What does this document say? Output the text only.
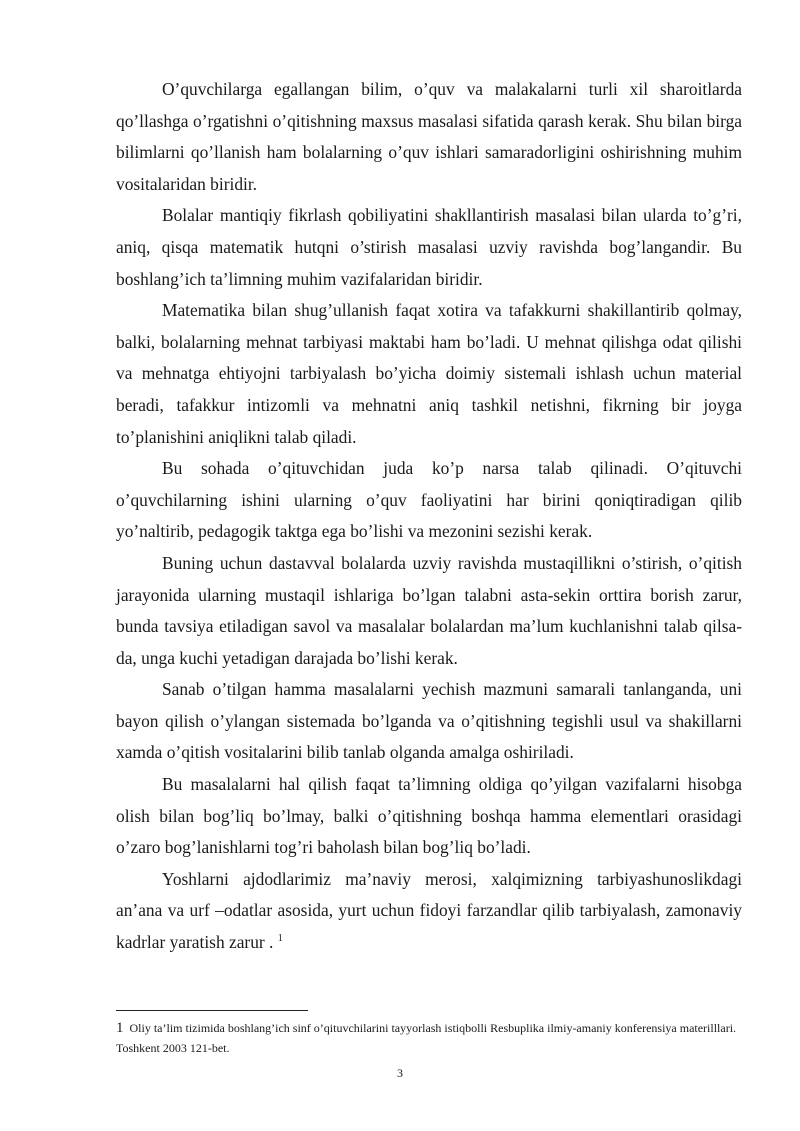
O’quvchilarga egallangan bilim, o’quv va malakalarni turli xil sharoitlarda qo’llashga o’rgatishni o’qitishning maxsus masalasi sifatida qarash kerak. Shu bilan birga bilimlarni qo’llanish ham bolalarning o’quv ishlari samaradorligini oshirishning muhim vositalaridan biridir.

Bolalar mantiqiy fikrlash qobiliyatini shakllantirish masalasi bilan ularda to’g’ri, aniq, qisqa matematik hutqni o’stirish masalasi uzviy ravishda bog’langandir. Bu boshlang’ich ta’limning muhim vazifalaridan biridir.

Matematika bilan shug’ullanish faqat xotira va tafakkurni shakillantirib qolmay, balki, bolalarning mehnat tarbiyasi maktabi ham bo’ladi. U mehnat qilishga odat qilishi va mehnatga ehtiyojni tarbiyalash bo’yicha doimiy sistemali ishlash uchun material beradi, tafakkur intizomli va mehnatni aniq tashkil netishni, fikrning bir joyga to’planishini aniqlikni talab qiladi.

Bu sohada o’qituvchidan juda ko’p narsa talab qilinadi. O’qituvchi o’quvchilarning ishini ularning o’quv faoliyatini har birini qoniqtiradigan qilib yo’naltirib, pedagogik taktga ega bo’lishi va mezonini sezishi kerak.

Buning uchun dastavval bolalarda uzviy ravishda mustaqillikni o’stirish, o’qitish jarayonida ularning mustaqil ishlariga bo’lgan talabni asta-sekin orttira borish zarur, bunda tavsiya etiladigan savol va masalalar bolalardan ma’lum kuchlanishni talab qilsa-da, unga kuchi yetadigan darajada bo’lishi kerak.

Sanab o’tilgan hamma masalalarni yechish mazmuni samarali tanlanganda, uni bayon qilish o’ylangan sistemada bo’lganda va o’qitishning tegishli usul va shakillarni xamda o’qitish vositalarini bilib tanlab olganda amalga oshiriladi.

Bu masalalarni hal qilish faqat ta’limning oldiga qo’yilgan vazifalarni hisobga olish bilan bog’liq bo’lmay, balki o’qitishning boshqa hamma elementlari orasidagi o’zaro bog’lanishlarni tog’ri baholash bilan bog’liq bo’ladi.

Yoshlarni ajdodlarimiz ma’naviy merosi, xalqimizning tarbiyashunoslikdagi an’ana va urf –odatlar asosida, yurt uchun fidoyi farzandlar qilib tarbiyalash, zamonaviy kadrlar yaratish zarur . $^1$

1 Oliy ta’lim tizimida boshlang’ich sinf o’qituvchilarini tayyorlash istiqbolli Resbuplika ilmiy-amaniy konferensiya materilllari. Toshkent 2003 121-bet.

3
